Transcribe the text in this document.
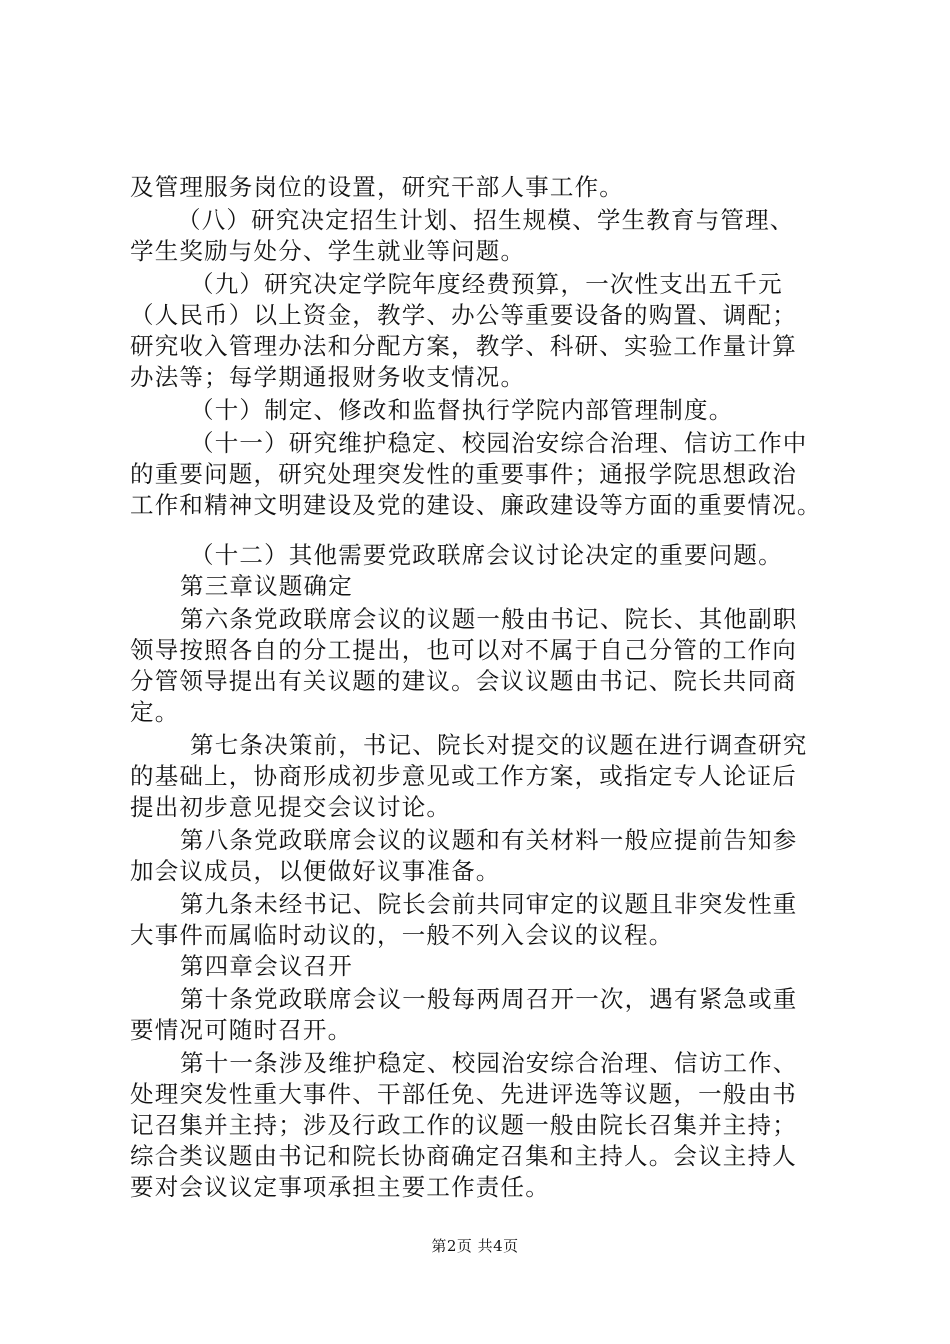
及管理服务岗位的设置，研究干部人事工作。
（八）研究决定招生计划、招生规模、学生教育与管理、
学生奖励与处分、学生就业等问题。
（九）研究决定学院年度经费预算，一次性支出五千元
（人民币）以上资金，教学、办公等重要设备的购置、调配；
研究收入管理办法和分配方案，教学、科研、实验工作量计算
办法等；每学期通报财务收支情况。
（十）制定、修改和监督执行学院内部管理制度。
（十一）研究维护稳定、校园治安综合治理、信访工作中
的重要问题，研究处理突发性的重要事件；通报学院思想政治
工作和精神文明建设及党的建设、廉政建设等方面的重要情况。
（十二）其他需要党政联席会议讨论决定的重要问题。
第三章议题确定
第六条党政联席会议的议题一般由书记、院长、其他副职
领导按照各自的分工提出，也可以对不属于自己分管的工作向
分管领导提出有关议题的建议。会议议题由书记、院长共同商
定。
第七条决策前，书记、院长对提交的议题在进行调查研究
的基础上，协商形成初步意见或工作方案，或指定专人论证后
提出初步意见提交会议讨论。
第八条党政联席会议的议题和有关材料一般应提前告知参
加会议成员，以便做好议事准备。
第九条未经书记、院长会前共同审定的议题且非突发性重
大事件而属临时动议的，一般不列入会议的议程。
第四章会议召开
第十条党政联席会议一般每两周召开一次，遇有紧急或重
要情况可随时召开。
第十一条涉及维护稳定、校园治安综合治理、信访工作、
处理突发性重大事件、干部任免、先进评选等议题，一般由书
记召集并主持；涉及行政工作的议题一般由院长召集并主持；
综合类议题由书记和院长协商确定召集和主持人。会议主持人
要对会议议定事项承担主要工作责任。
第2页 共4页
